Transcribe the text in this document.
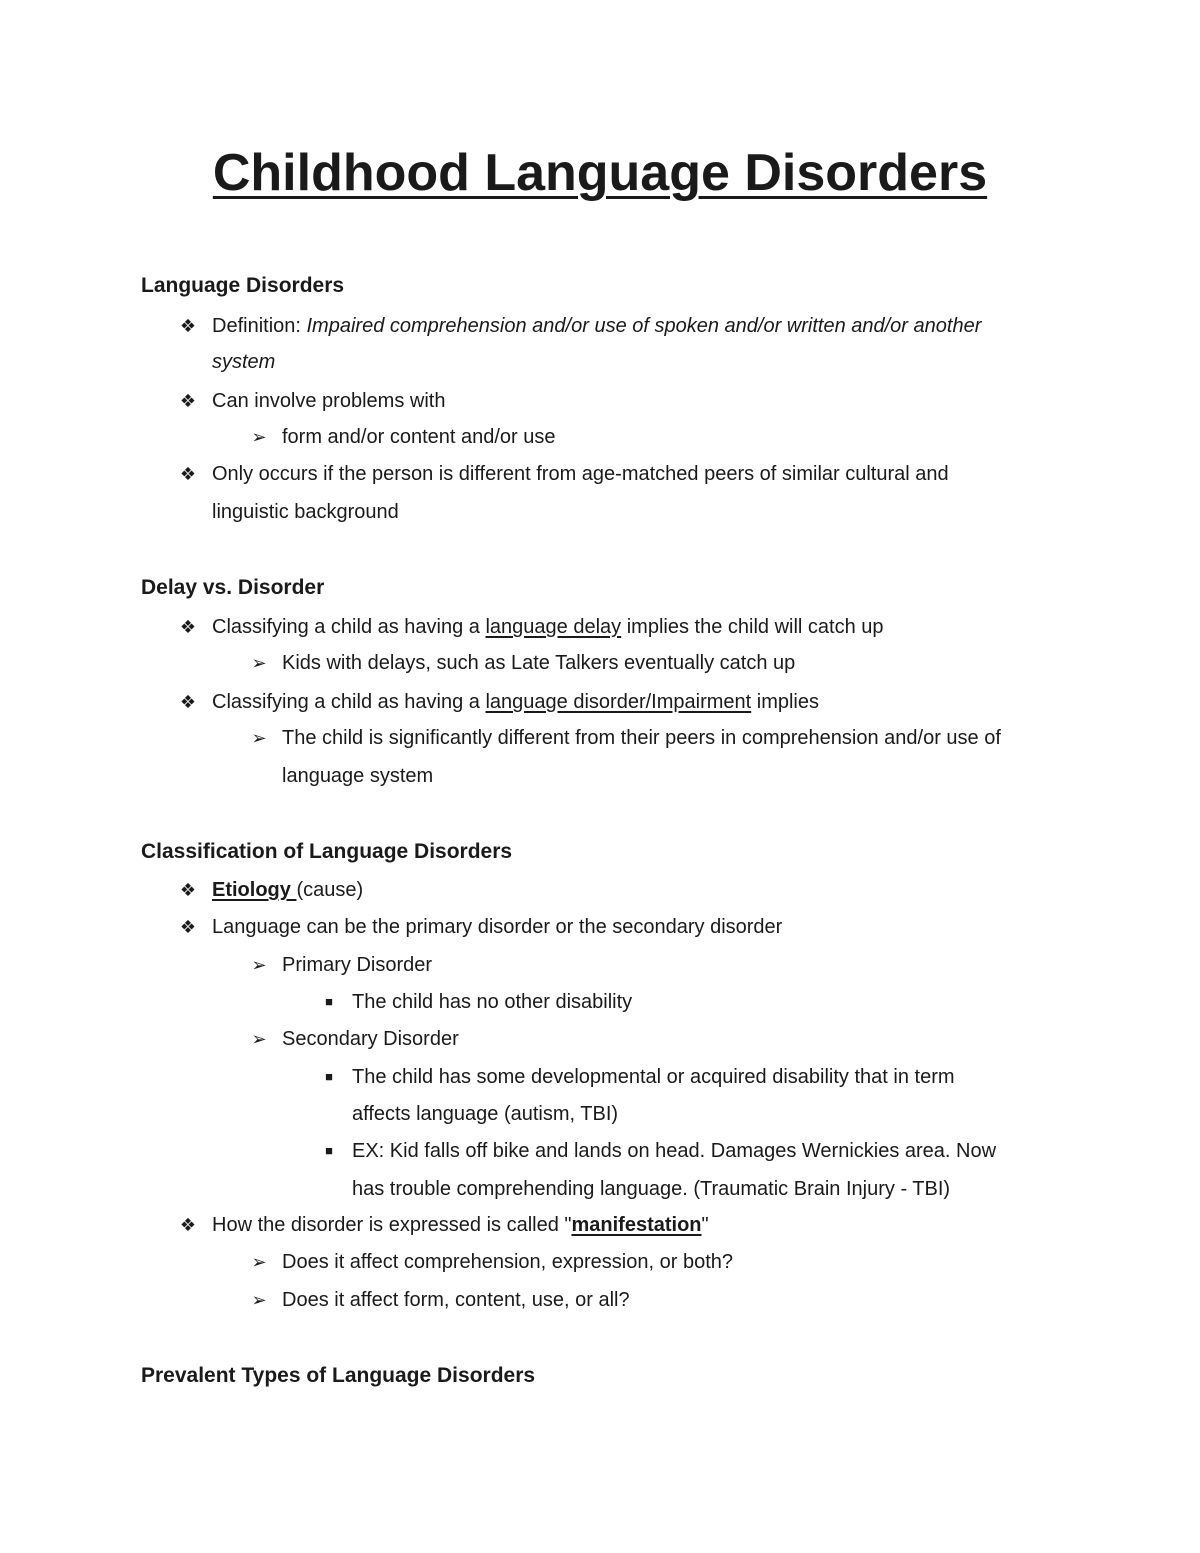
Childhood Language Disorders
Language Disorders

❖ Definition: Impaired comprehension and/or use of spoken and/or written and/or another

system

❖ Can involve problems with

➢ form and/or content and/or use

❖ Only occurs if the person is different from age-matched peers of similar cultural and

linguistic background

Delay vs. Disorder

❖ Classifying a child as having a language delay implies the child will catch up

➢ Kids with delays, such as Late Talkers eventually catch up

❖ Classifying a child as having a language disorder/Impairment implies

➢ The child is significantly different from their peers in comprehension and/or use of

language system

Classification of Language Disorders

❖ Etiology (cause)

❖ Language can be the primary disorder or the secondary disorder

➢ Primary Disorder

■ The child has no other disability

➢ Secondary Disorder

■ The child has some developmental or acquired disability that in term

affects language (autism, TBI)

■ EX: Kid falls off bike and lands on head. Damages Wernickies area. Now

has trouble comprehending language. (Traumatic Brain Injury - TBI)

❖ How the disorder is expressed is called "manifestation"

➢ Does it affect comprehension, expression, or both?

➢ Does it affect form, content, use, or all?

Prevalent Types of Language Disorders
